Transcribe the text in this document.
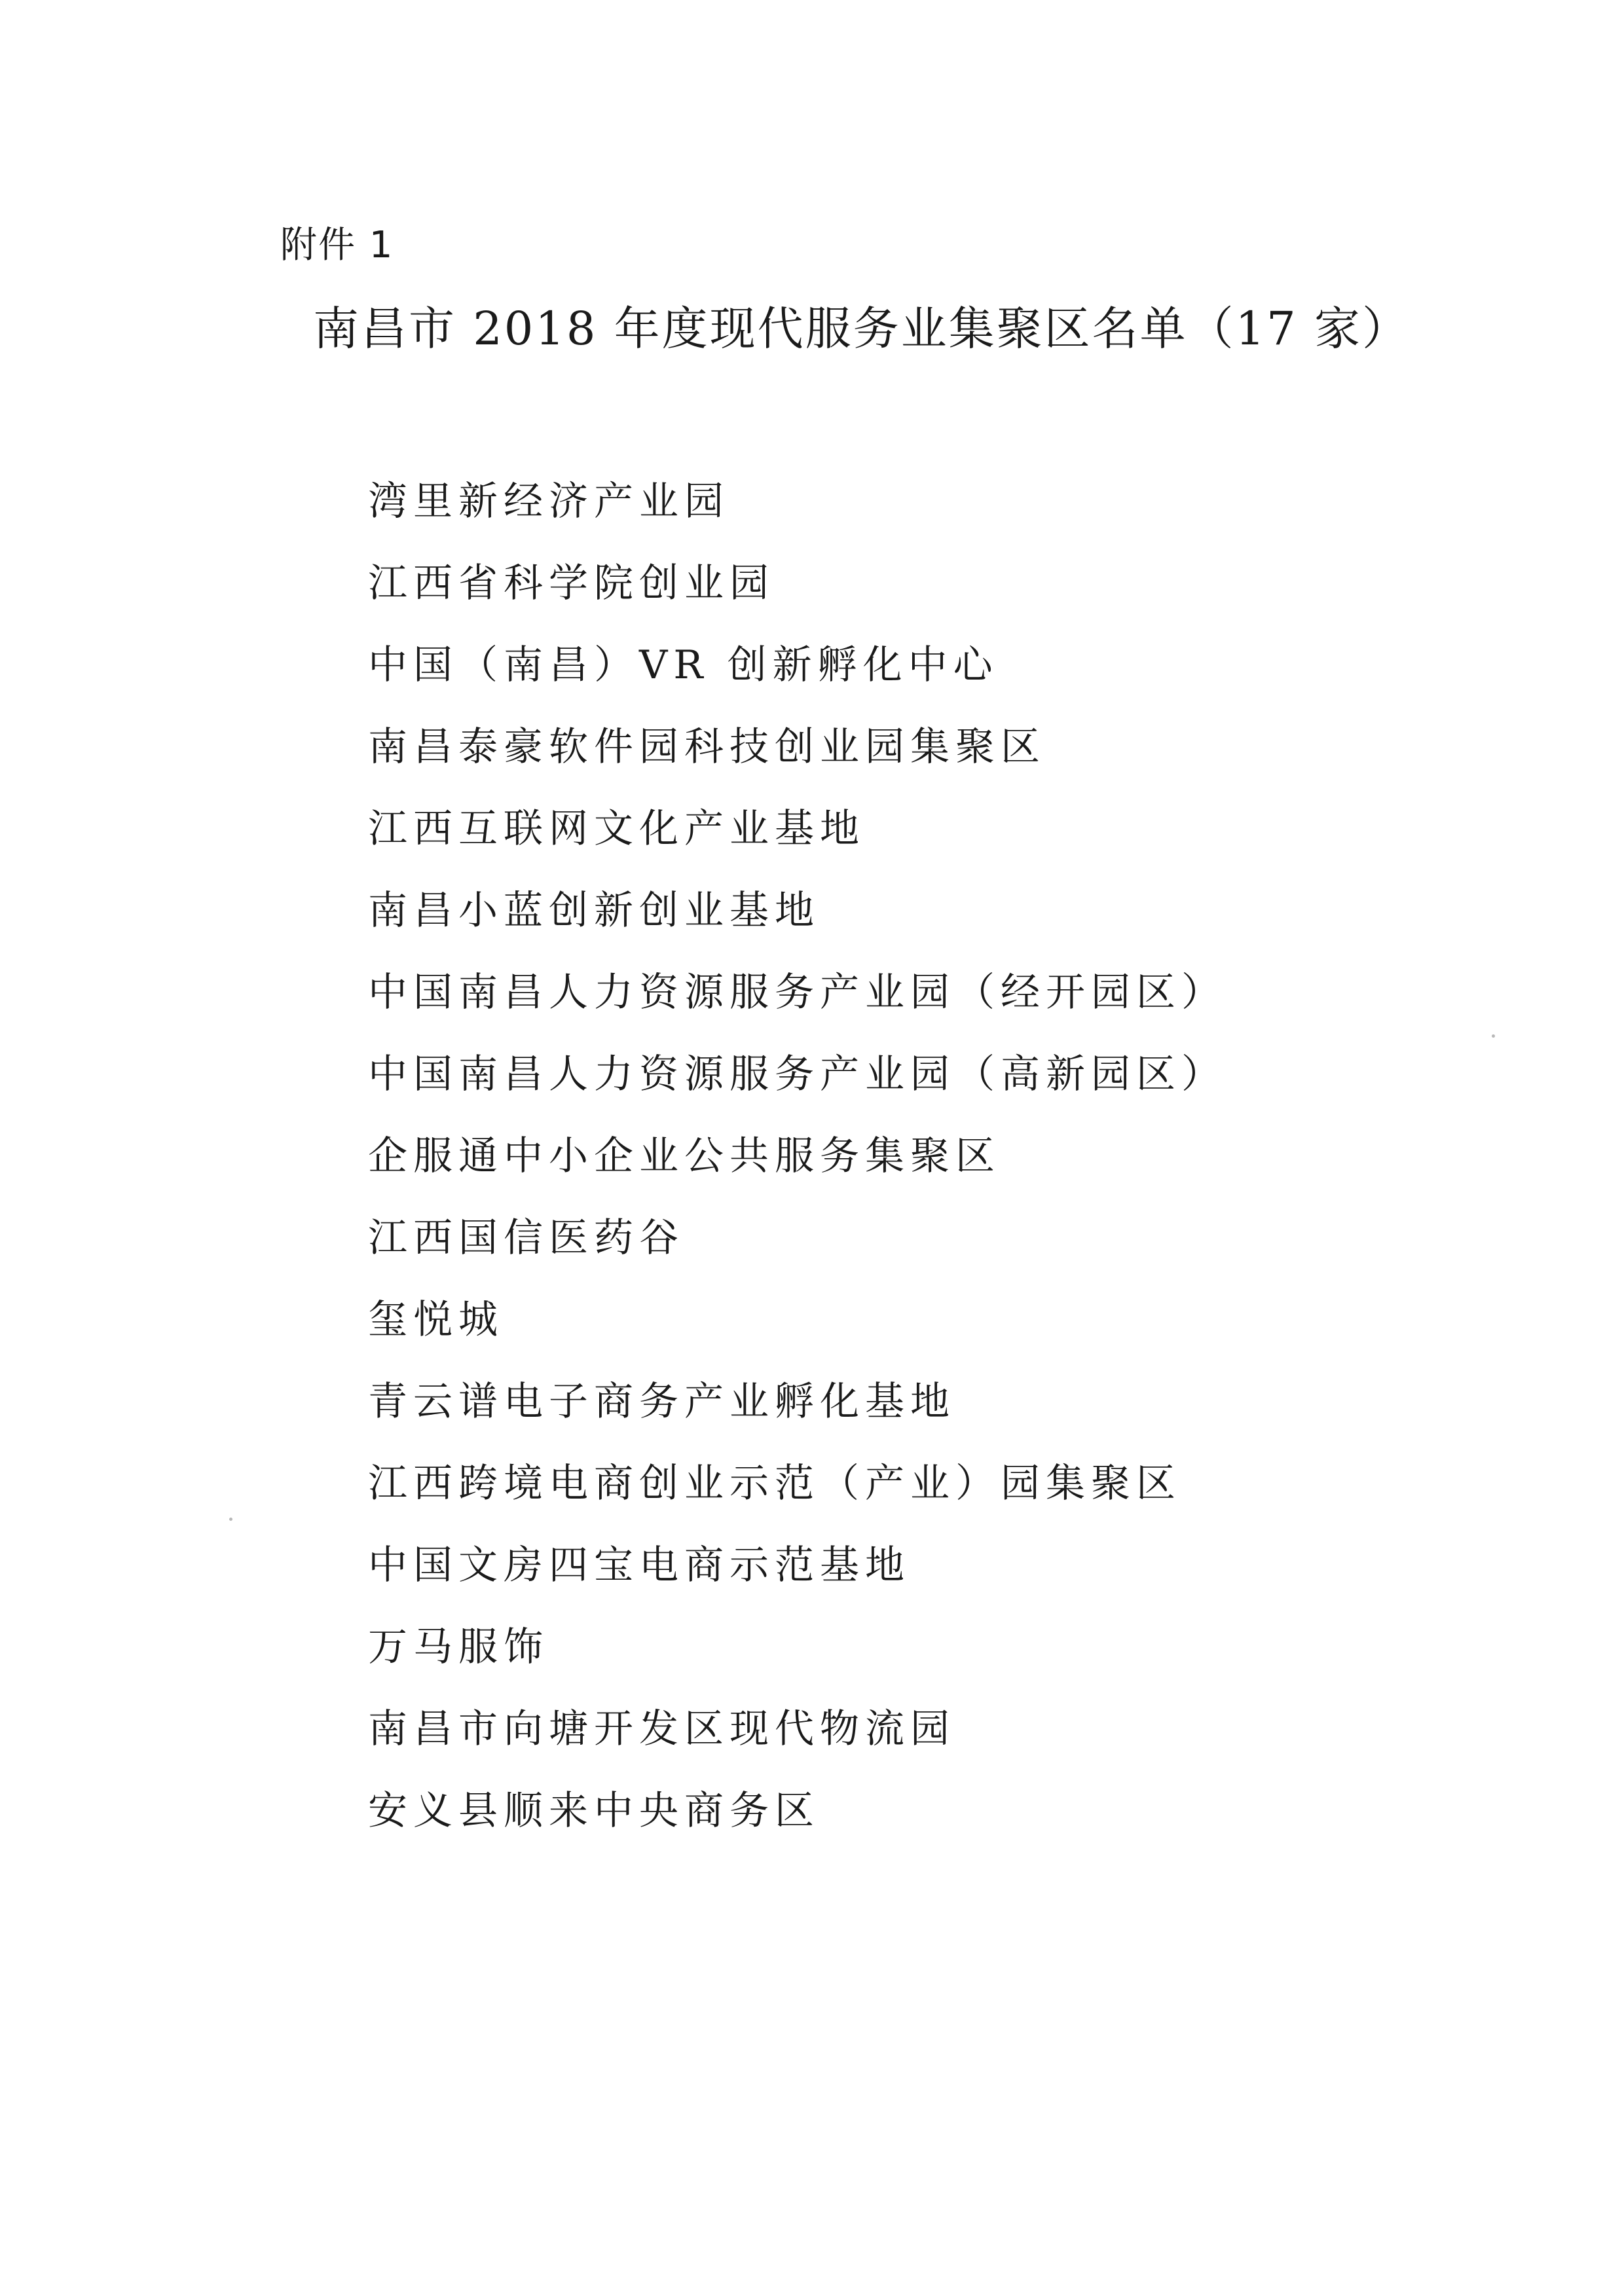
附件 1
南昌市 2018 年度现代服务业集聚区名单（17 家）
湾里新经济产业园
江西省科学院创业园
中国（南昌）VR 创新孵化中心
南昌泰豪软件园科技创业园集聚区
江西互联网文化产业基地
南昌小蓝创新创业基地
中国南昌人力资源服务产业园（经开园区）
中国南昌人力资源服务产业园（高新园区）
企服通中小企业公共服务集聚区
江西国信医药谷
玺悦城
青云谱电子商务产业孵化基地
江西跨境电商创业示范（产业）园集聚区
中国文房四宝电商示范基地
万马服饰
南昌市向塘开发区现代物流园
安义县顺来中央商务区
